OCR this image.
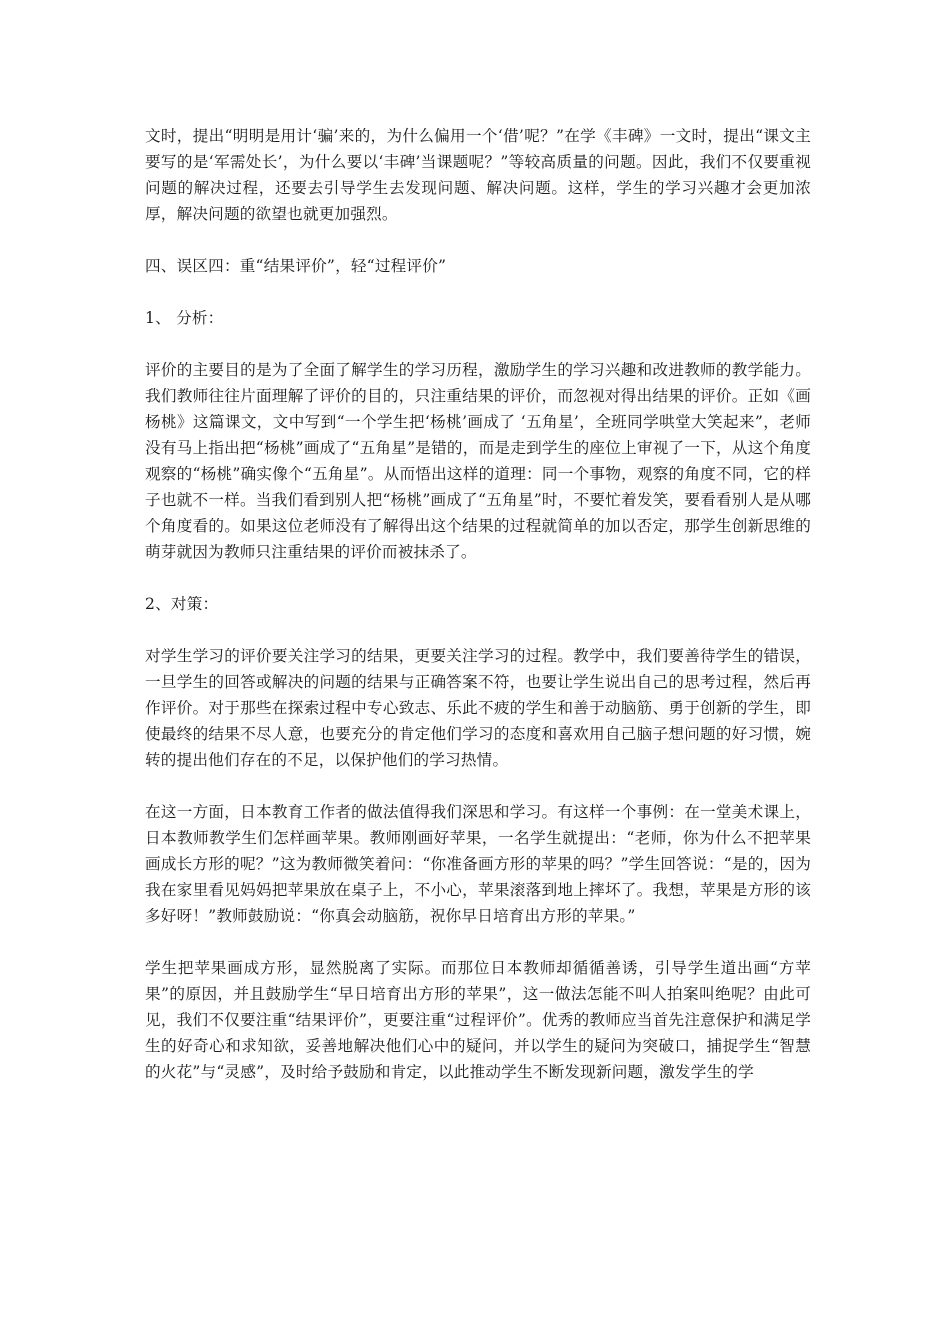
文时，提出“明明是用计‘骗’来的，为什么偏用一个‘借’呢？”在学《丰碑》一文时，提出“课文主要写的是‘军需处长’，为什么要以‘丰碑’当课题呢？”等较高质量的问题。因此，我们不仅要重视问题的解决过程，还要去引导学生去发现问题、解决问题。这样，学生的学习兴趣才会更加浓厚，解决问题的欲望也就更加强烈。

四、误区四：重“结果评价”，轻“过程评价”

1、 分析：

评价的主要目的是为了全面了解学生的学习历程，激励学生的学习兴趣和改进教师的教学能力。我们教师往往片面理解了评价的目的，只注重结果的评价，而忽视对得出结果的评价。正如《画杨桃》这篇课文，文中写到“一个学生把‘杨桃’画成了 ‘五角星’，全班同学哄堂大笑起来”，老师没有马上指出把“杨桃”画成了“五角星”是错的，而是走到学生的座位上审视了一下，从这个角度观察的“杨桃”确实像个“五角星”。从而悟出这样的道理：同一个事物，观察的角度不同，它的样子也就不一样。当我们看到别人把“杨桃”画成了“五角星”时，不要忙着发笑，要看看别人是从哪个角度看的。如果这位老师没有了解得出这个结果的过程就简单的加以否定，那学生创新思维的萌芽就因为教师只注重结果的评价而被抹杀了。

2、对策：

对学生学习的评价要关注学习的结果，更要关注学习的过程。教学中，我们要善待学生的错误，一旦学生的回答或解决的问题的结果与正确答案不符，也要让学生说出自己的思考过程，然后再作评价。对于那些在探索过程中专心致志、乐此不疲的学生和善于动脑筋、勇于创新的学生，即使最终的结果不尽人意，也要充分的肯定他们学习的态度和喜欢用自己脑子想问题的好习惯，婉转的提出他们存在的不足，以保护他们的学习热情。

在这一方面，日本教育工作者的做法值得我们深思和学习。有这样一个事例：在一堂美术课上，日本教师教学生们怎样画苹果。教师刚画好苹果，一名学生就提出：“老师，你为什么不把苹果画成长方形的呢？”这为教师微笑着问：“你准备画方形的苹果的吗？”学生回答说：“是的，因为我在家里看见妈妈把苹果放在桌子上，不小心，苹果滚落到地上摔坏了。我想，苹果是方形的该多好呀！”教师鼓励说：“你真会动脑筋，祝你早日培育出方形的苹果。”

学生把苹果画成方形，显然脱离了实际。而那位日本教师却循循善诱，引导学生道出画“方苹果”的原因，并且鼓励学生“早日培育出方形的苹果”，这一做法怎能不叫人拍案叫绝呢？由此可见，我们不仅要注重“结果评价”，更要注重“过程评价”。优秀的教师应当首先注意保护和满足学生的好奇心和求知欲，妥善地解决他们心中的疑问，并以学生的疑问为突破口，捕捉学生“智慧的火花”与“灵感”，及时给予鼓励和肯定，以此推动学生不断发现新问题，激发学生的学
